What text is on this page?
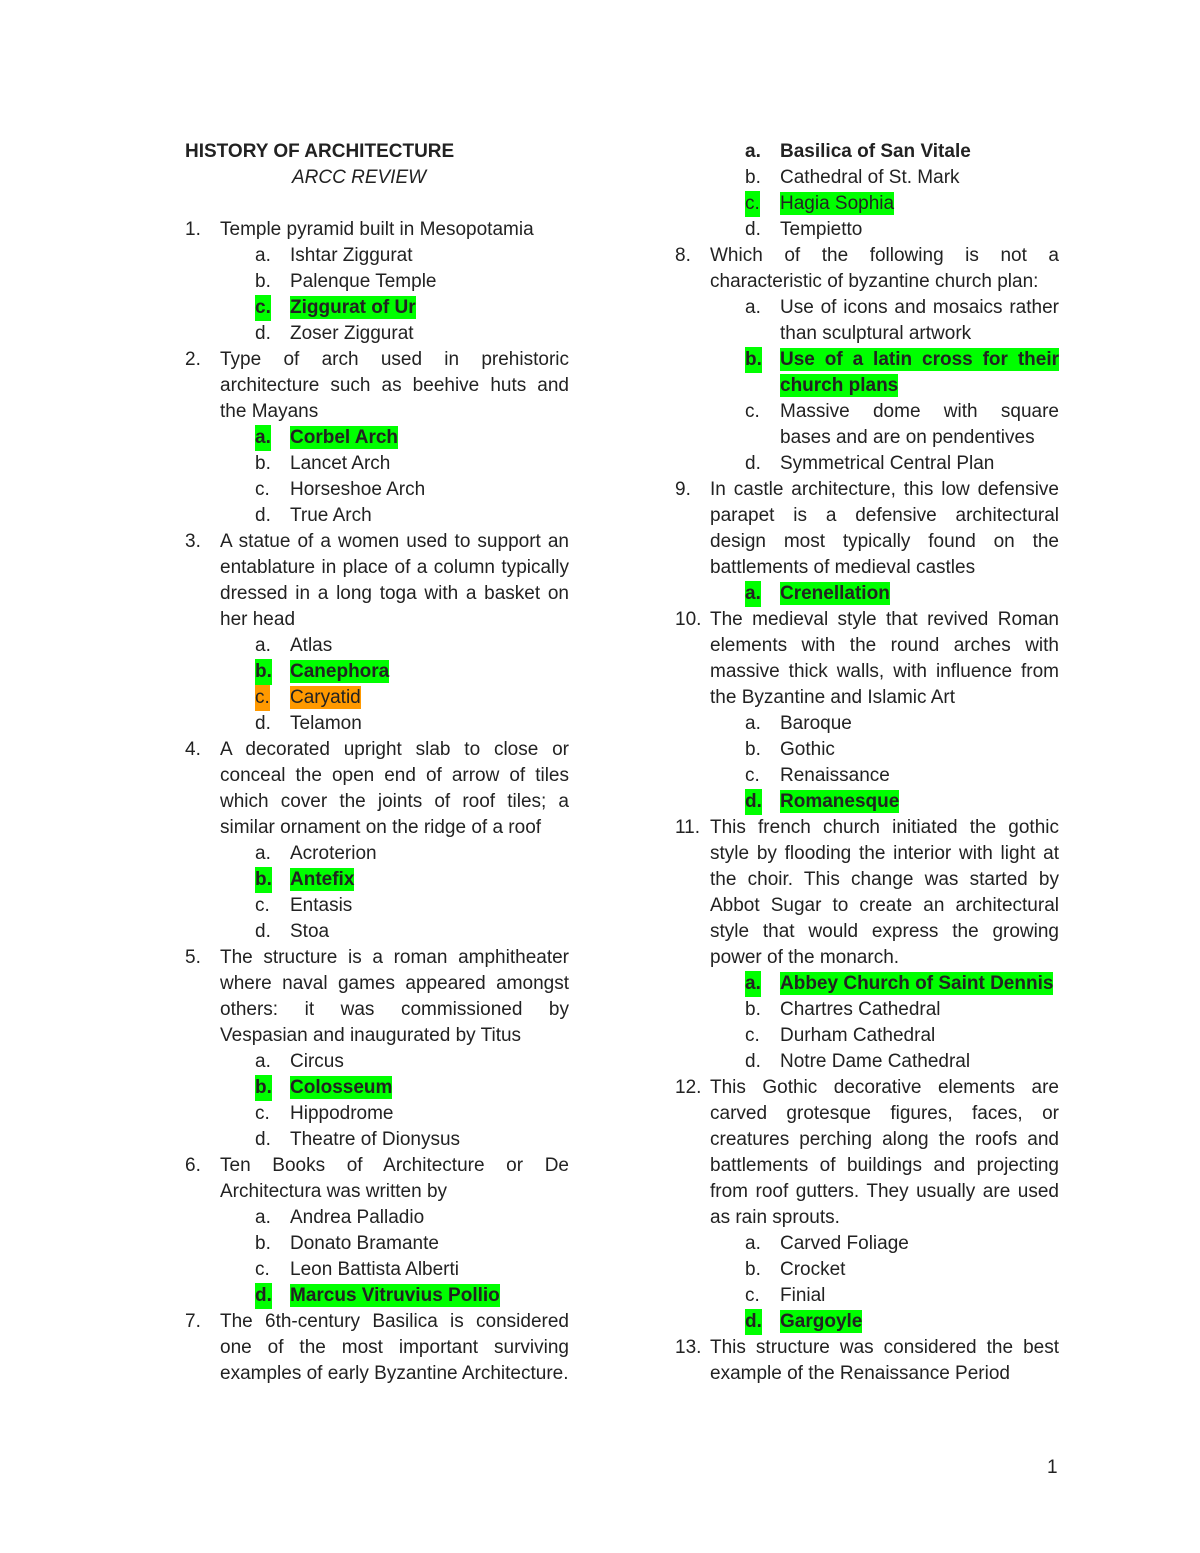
HISTORY OF ARCHITECTURE
ARCC REVIEW
1. Temple pyramid built in Mesopotamia
a. Ishtar Ziggurat
b. Palenque Temple
c. Ziggurat of Ur
d. Zoser Ziggurat
2. Type of arch used in prehistoric architecture such as beehive huts and the Mayans
a. Corbel Arch
b. Lancet Arch
c. Horseshoe Arch
d. True Arch
3. A statue of a women used to support an entablature in place of a column typically dressed in a long toga with a basket on her head
a. Atlas
b. Canephora
c. Caryatid
d. Telamon
4. A decorated upright slab to close or conceal the open end of arrow of tiles which cover the joints of roof tiles; a similar ornament on the ridge of a roof
a. Acroterion
b. Antefix
c. Entasis
d. Stoa
5. The structure is a roman amphitheater where naval games appeared amongst others: it was commissioned by Vespasian and inaugurated by Titus
a. Circus
b. Colosseum
c. Hippodrome
d. Theatre of Dionysus
6. Ten Books of Architecture or De Architectura was written by
a. Andrea Palladio
b. Donato Bramante
c. Leon Battista Alberti
d. Marcus Vitruvius Pollio
7. The 6th-century Basilica is considered one of the most important surviving examples of early Byzantine Architecture.
a. Basilica of San Vitale
b. Cathedral of St. Mark
c. Hagia Sophia
d. Tempietto
8. Which of the following is not a characteristic of byzantine church plan:
a. Use of icons and mosaics rather than sculptural artwork
b. Use of a latin cross for their church plans
c. Massive dome with square bases and are on pendentives
d. Symmetrical Central Plan
9. In castle architecture, this low defensive parapet is a defensive architectural design most typically found on the battlements of medieval castles
a. Crenellation
10. The medieval style that revived Roman elements with the round arches with massive thick walls, with influence from the Byzantine and Islamic Art
a. Baroque
b. Gothic
c. Renaissance
d. Romanesque
11. This french church initiated the gothic style by flooding the interior with light at the choir. This change was started by Abbot Sugar to create an architectural style that would express the growing power of the monarch.
a. Abbey Church of Saint Dennis
b. Chartres Cathedral
c. Durham Cathedral
d. Notre Dame Cathedral
12. This Gothic decorative elements are carved grotesque figures, faces, or creatures perching along the roofs and battlements of buildings and projecting from roof gutters. They usually are used as rain sprouts.
a. Carved Foliage
b. Crocket
c. Finial
d. Gargoyle
13. This structure was considered the best example of the Renaissance Period
1
